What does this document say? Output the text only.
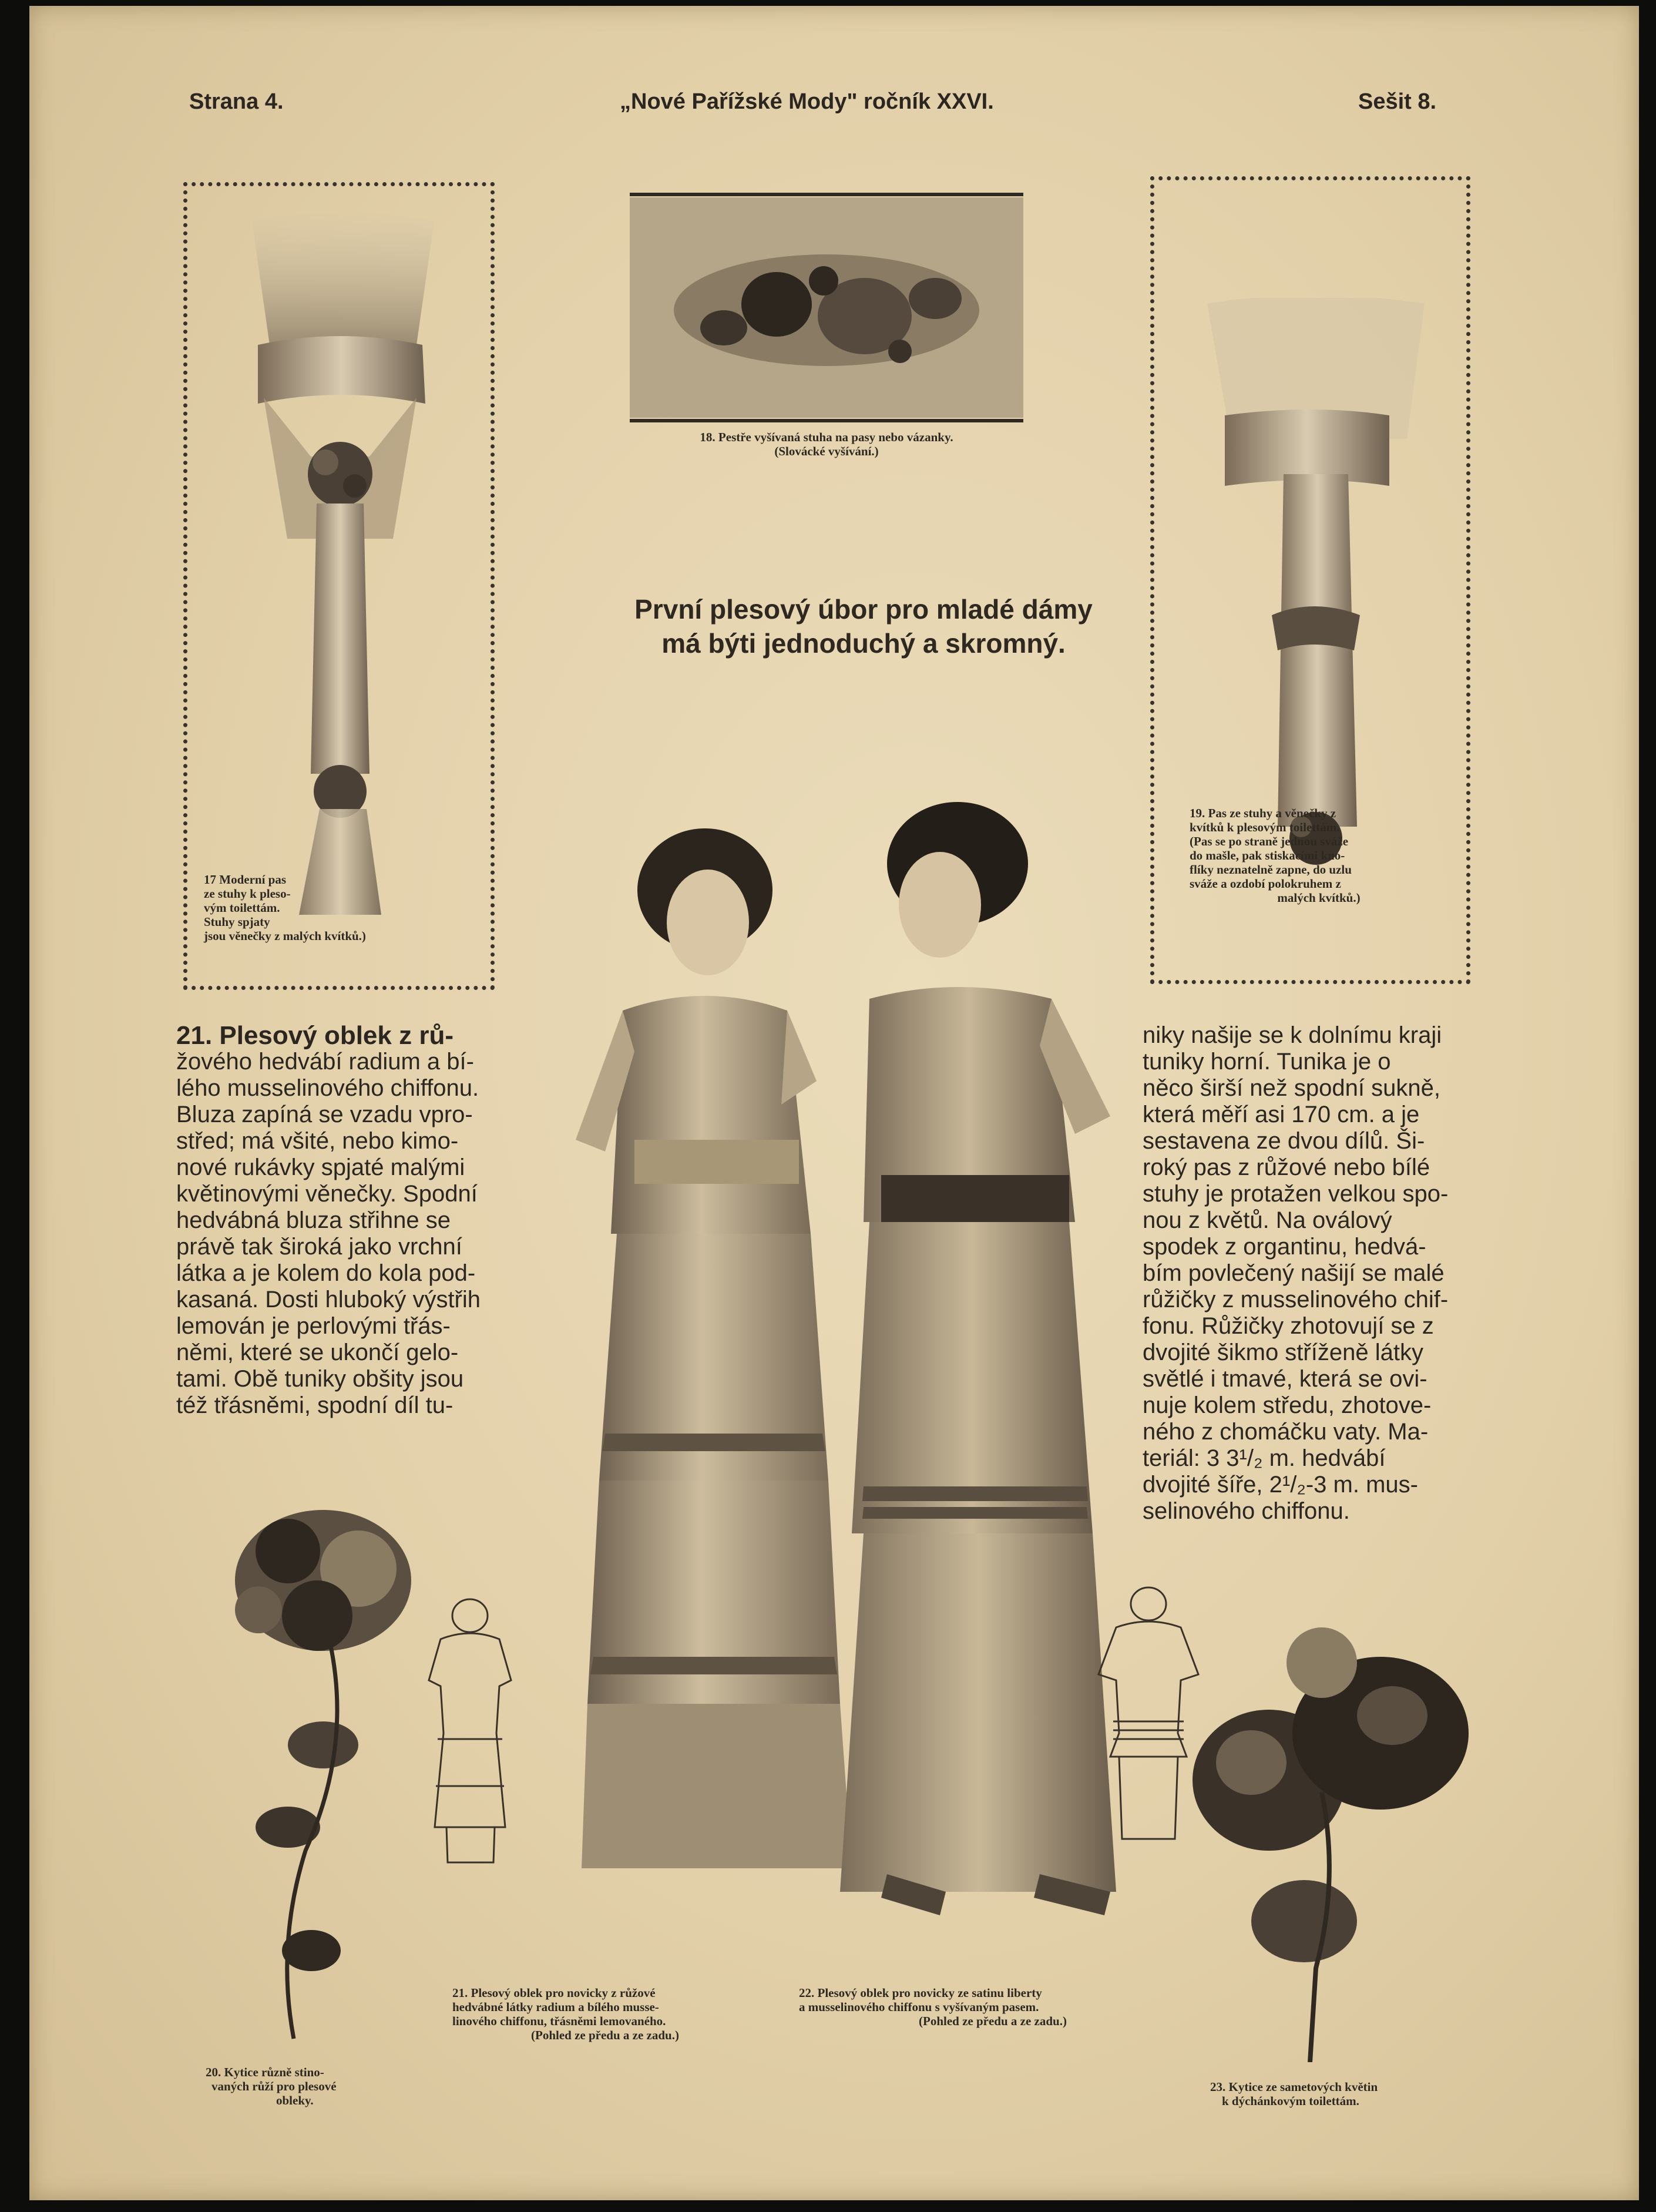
Strana 4.	„Nové Pařížské Mody" ročník XXVI.	Sešit 8.
17 Moderní pas
ze stuhy k pleso-
vým toilettám.
Stuhy spjaty
jsou věnečky z malých kvítků.)
18. Pestře vyšívaná stuha na pasy nebo vázanky.
(Slovácké vyšívání.)
První plesový úbor pro mladé dámy
má býti jednoduchý a skromný.
19. Pas ze stuhy a věnečky z
kvítků k plesovým toilettám.
(Pas se po straně jednou sváže
do mašle, pak stiskacími kno-
flíky neznatelně zapne, do uzlu
sváže a ozdobí polokruhem z
malých kvítků.)

21. Plesový oblek z rů-

žového hedvábí radium a bí-

lého musselinového chiffonu.

Bluza zapíná se vzadu vpro-

střed; má všité, nebo kimo-

nové rukávky spjaté malými

květinovými věnečky. Spodní

hedvábná bluza střihne se

právě tak široká jako vrchní

látka a je kolem do kola pod-

kasaná. Dosti hluboký výstřih

lemován je perlovými třás-

němi, které se ukončí gelo-

tami. Obě tuniky obšity jsou

též třásněmi, spodní díl tu-

niky našije se k dolnímu kraji

tuniky horní. Tunika je o

něco širší než spodní sukně,

která měří asi 170 cm. a je

sestavena ze dvou dílů. Ši-

roký pas z růžové nebo bílé

stuhy je protažen velkou spo-

nou z květů. Na oválový

spodek z organtinu, hedvá-

bím povlečený našijí se malé

růžičky z musselinového chif-

fonu. Růžičky zhotovují se z

dvojité šikmo stříženě látky

světlé i tmavé, která se ovi-

nuje kolem středu, zhotove-

ného z chomáčku vaty. Ma-

teriál: 3 3¹/₂ m. hedvábí

dvojité šíře, 2¹/₂-3 m. mus-

selinového chiffonu.

20. Kytice různě stino-
vaných růží pro plesové
obleky.
23. Kytice ze sametových květin
k dýchánkovým toilettám.
21. Plesový oblek pro novicky z růžové
hedvábné látky radium a bílého musse-
linového chiffonu, třásněmi lemovaného.
(Pohled ze předu a ze zadu.)
22. Plesový oblek pro novicky ze satinu liberty
a musselinového chiffonu s vyšívaným pasem.
(Pohled ze předu a ze zadu.)
